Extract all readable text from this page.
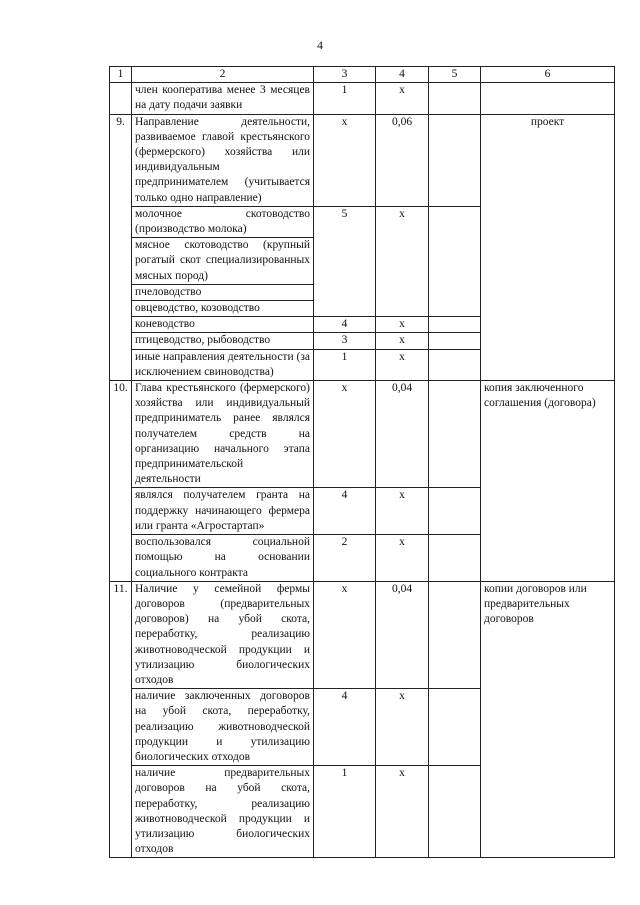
4
1	2	3	4	5	6
	член кооператива менее 3 месяцев на дату подачи заявки	1	х		
9.	Направление деятельности, развиваемое главой крестьянского (фермерского) хозяйства или индивидуальным предпринимателем (учитывается только одно направление)	х	0,06		проект
	молочное скотоводство (производство молока)	5	х		
	мясное скотоводство (крупный рогатый скот специализированных мясных пород)				
	пчеловодство				
	овцеводство, козоводство				
	коневодство	4	х		
	птицеводство, рыбоводство	3	х		
	иные направления деятельности (за исключением свиноводства)	1	х		
10.	Глава крестьянского (фермерского) хозяйства или индивидуальный предприниматель ранее являлся получателем средств на организацию начального этапа предпринимательской деятельности	х	0,04		копия заключенного соглашения (договора)
	являлся получателем гранта на поддержку начинающего фермера или гранта «Агростартап»	4	х		
	воспользовался социальной помощью на основании социального контракта	2	х		
11.	Наличие у семейной фермы договоров (предварительных договоров) на убой скота, переработку, реализацию животноводческой продукции и утилизацию биологических отходов	х	0,04		копии договоров или предварительных договоров
	наличие заключенных договоров на убой скота, переработку, реализацию животноводческой продукции и утилизацию биологических отходов	4	х		
	наличие предварительных договоров на убой скота, переработку, реализацию животноводческой продукции и утилизацию биологических отходов	1	х		
